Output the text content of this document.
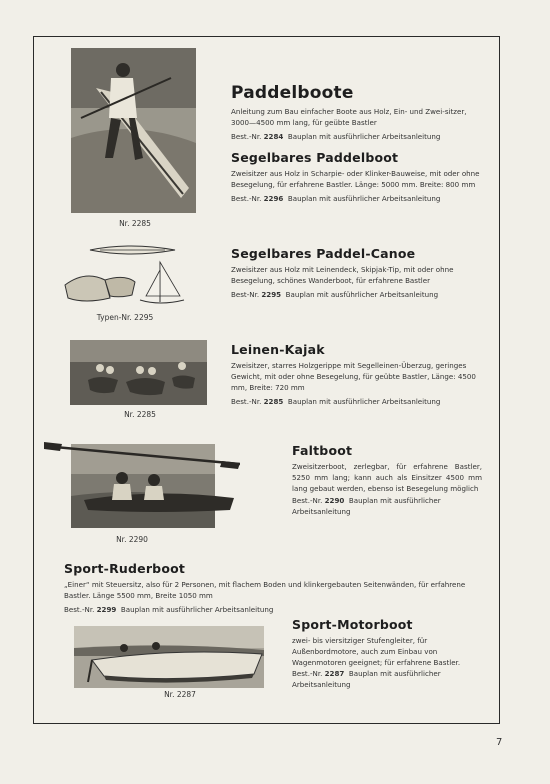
Nr. 2285
Paddelboote
Anleitung zum Bau einfacher Boote aus Holz, Ein- und Zwei-sitzer, 3000—4500 mm lang, für geübte Bastler
Best.-Nr. 2284 Bauplan mit ausführlicher Arbeitsanleitung
Segelbares Paddelboot
Zweisitzer aus Holz in Scharpie- oder Klinker-Bauweise, mit oder ohne Besegelung, für erfahrene Bastler. Länge: 5000 mm. Breite: 800 mm
Best.-Nr. 2296 Bauplan mit ausführlicher Arbeitsanleitung
Typen-Nr. 2295
Segelbares Paddel-Canoe
Zweisitzer aus Holz mit Leinendeck, Skipjak-Tip, mit oder ohne Besegelung, schönes Wanderboot, für erfahrene Bastler
Best-Nr. 2295 Bauplan mit ausführlicher Arbeitsanleitung
Nr. 2285
Leinen-Kajak
Zweisitzer, starres Holzgerippe mit Segelleinen-Überzug, geringes Gewicht, mit oder ohne Besegelung, für geübte Bastler, Länge: 4500 mm, Breite: 720 mm
Best.-Nr. 2285 Bauplan mit ausführlicher Arbeitsanleitung
Nr. 2290
Faltboot
Zweisitzerboot, zerlegbar, für erfahrene Bastler, 5250 mm lang; kann auch als Einsitzer 4500 mm lang gebaut werden, ebenso ist Besegelung möglich
Best.-Nr. 2290 Bauplan mit ausführlicher Arbeitsanleitung
Sport-Ruderboot
„Einer“ mit Steuersitz, also für 2 Personen, mit flachem Boden und klinkergebauten Seitenwänden, für erfahrene Bastler. Länge 5500 mm, Breite 1050 mm
Best.-Nr. 2299 Bauplan mit ausführlicher Arbeitsanleitung
Nr. 2287
Sport-Motorboot
zwei- bis viersitziger Stufengleiter, für Außenbordmotore, auch zum Einbau von Wagenmotoren geeignet; für erfahrene Bastler.
Best.-Nr. 2287 Bauplan mit ausführlicher Arbeitsanleitung
7
